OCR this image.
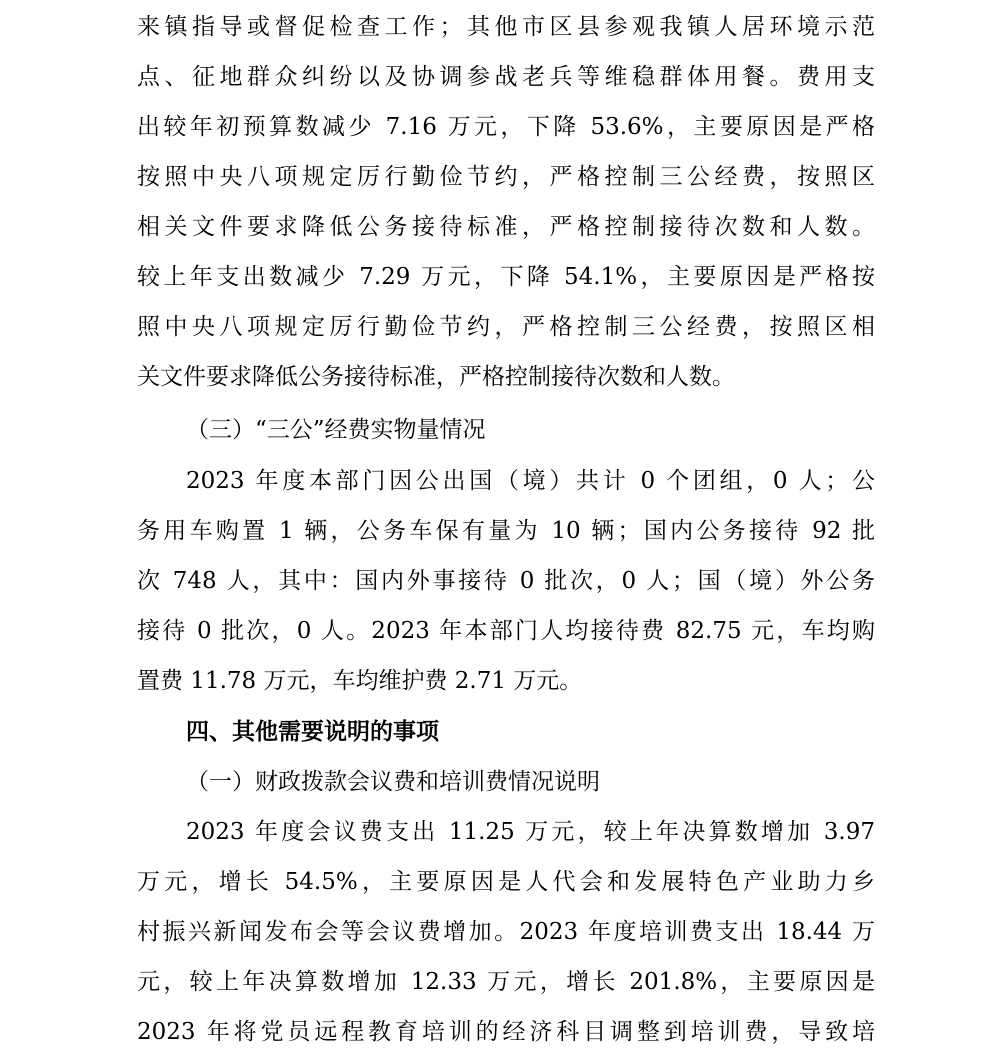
来镇指导或督促检查工作；其他市区县参观我镇人居环境示范
点、征地群众纠纷以及协调参战老兵等维稳群体用餐。费用支
出较年初预算数减少 7.16 万元，下降 53.6%，主要原因是严格
按照中央八项规定厉行勤俭节约，严格控制三公经费，按照区
相关文件要求降低公务接待标准，严格控制接待次数和人数。
较上年支出数减少 7.29 万元，下降 54.1%，主要原因是严格按
照中央八项规定厉行勤俭节约，严格控制三公经费，按照区相
关文件要求降低公务接待标准，严格控制接待次数和人数。
（三）“三公”经费实物量情况
2023 年度本部门因公出国（境）共计 0 个团组，0 人；公
务用车购置 1 辆，公务车保有量为 10 辆；国内公务接待 92 批
次 748 人，其中：国内外事接待 0 批次，0 人；国（境）外公务
接待 0 批次，0 人。2023 年本部门人均接待费 82.75 元，车均购
置费 11.78 万元，车均维护费 2.71 万元。
四、其他需要说明的事项
（一）财政拨款会议费和培训费情况说明
2023 年度会议费支出 11.25 万元，较上年决算数增加 3.97
万元，增长 54.5%，主要原因是人代会和发展特色产业助力乡
村振兴新闻发布会等会议费增加。2023 年度培训费支出 18.44 万
元，较上年决算数增加 12.33 万元，增长 201.8%，主要原因是
2023 年将党员远程教育培训的经济科目调整到培训费，导致培
